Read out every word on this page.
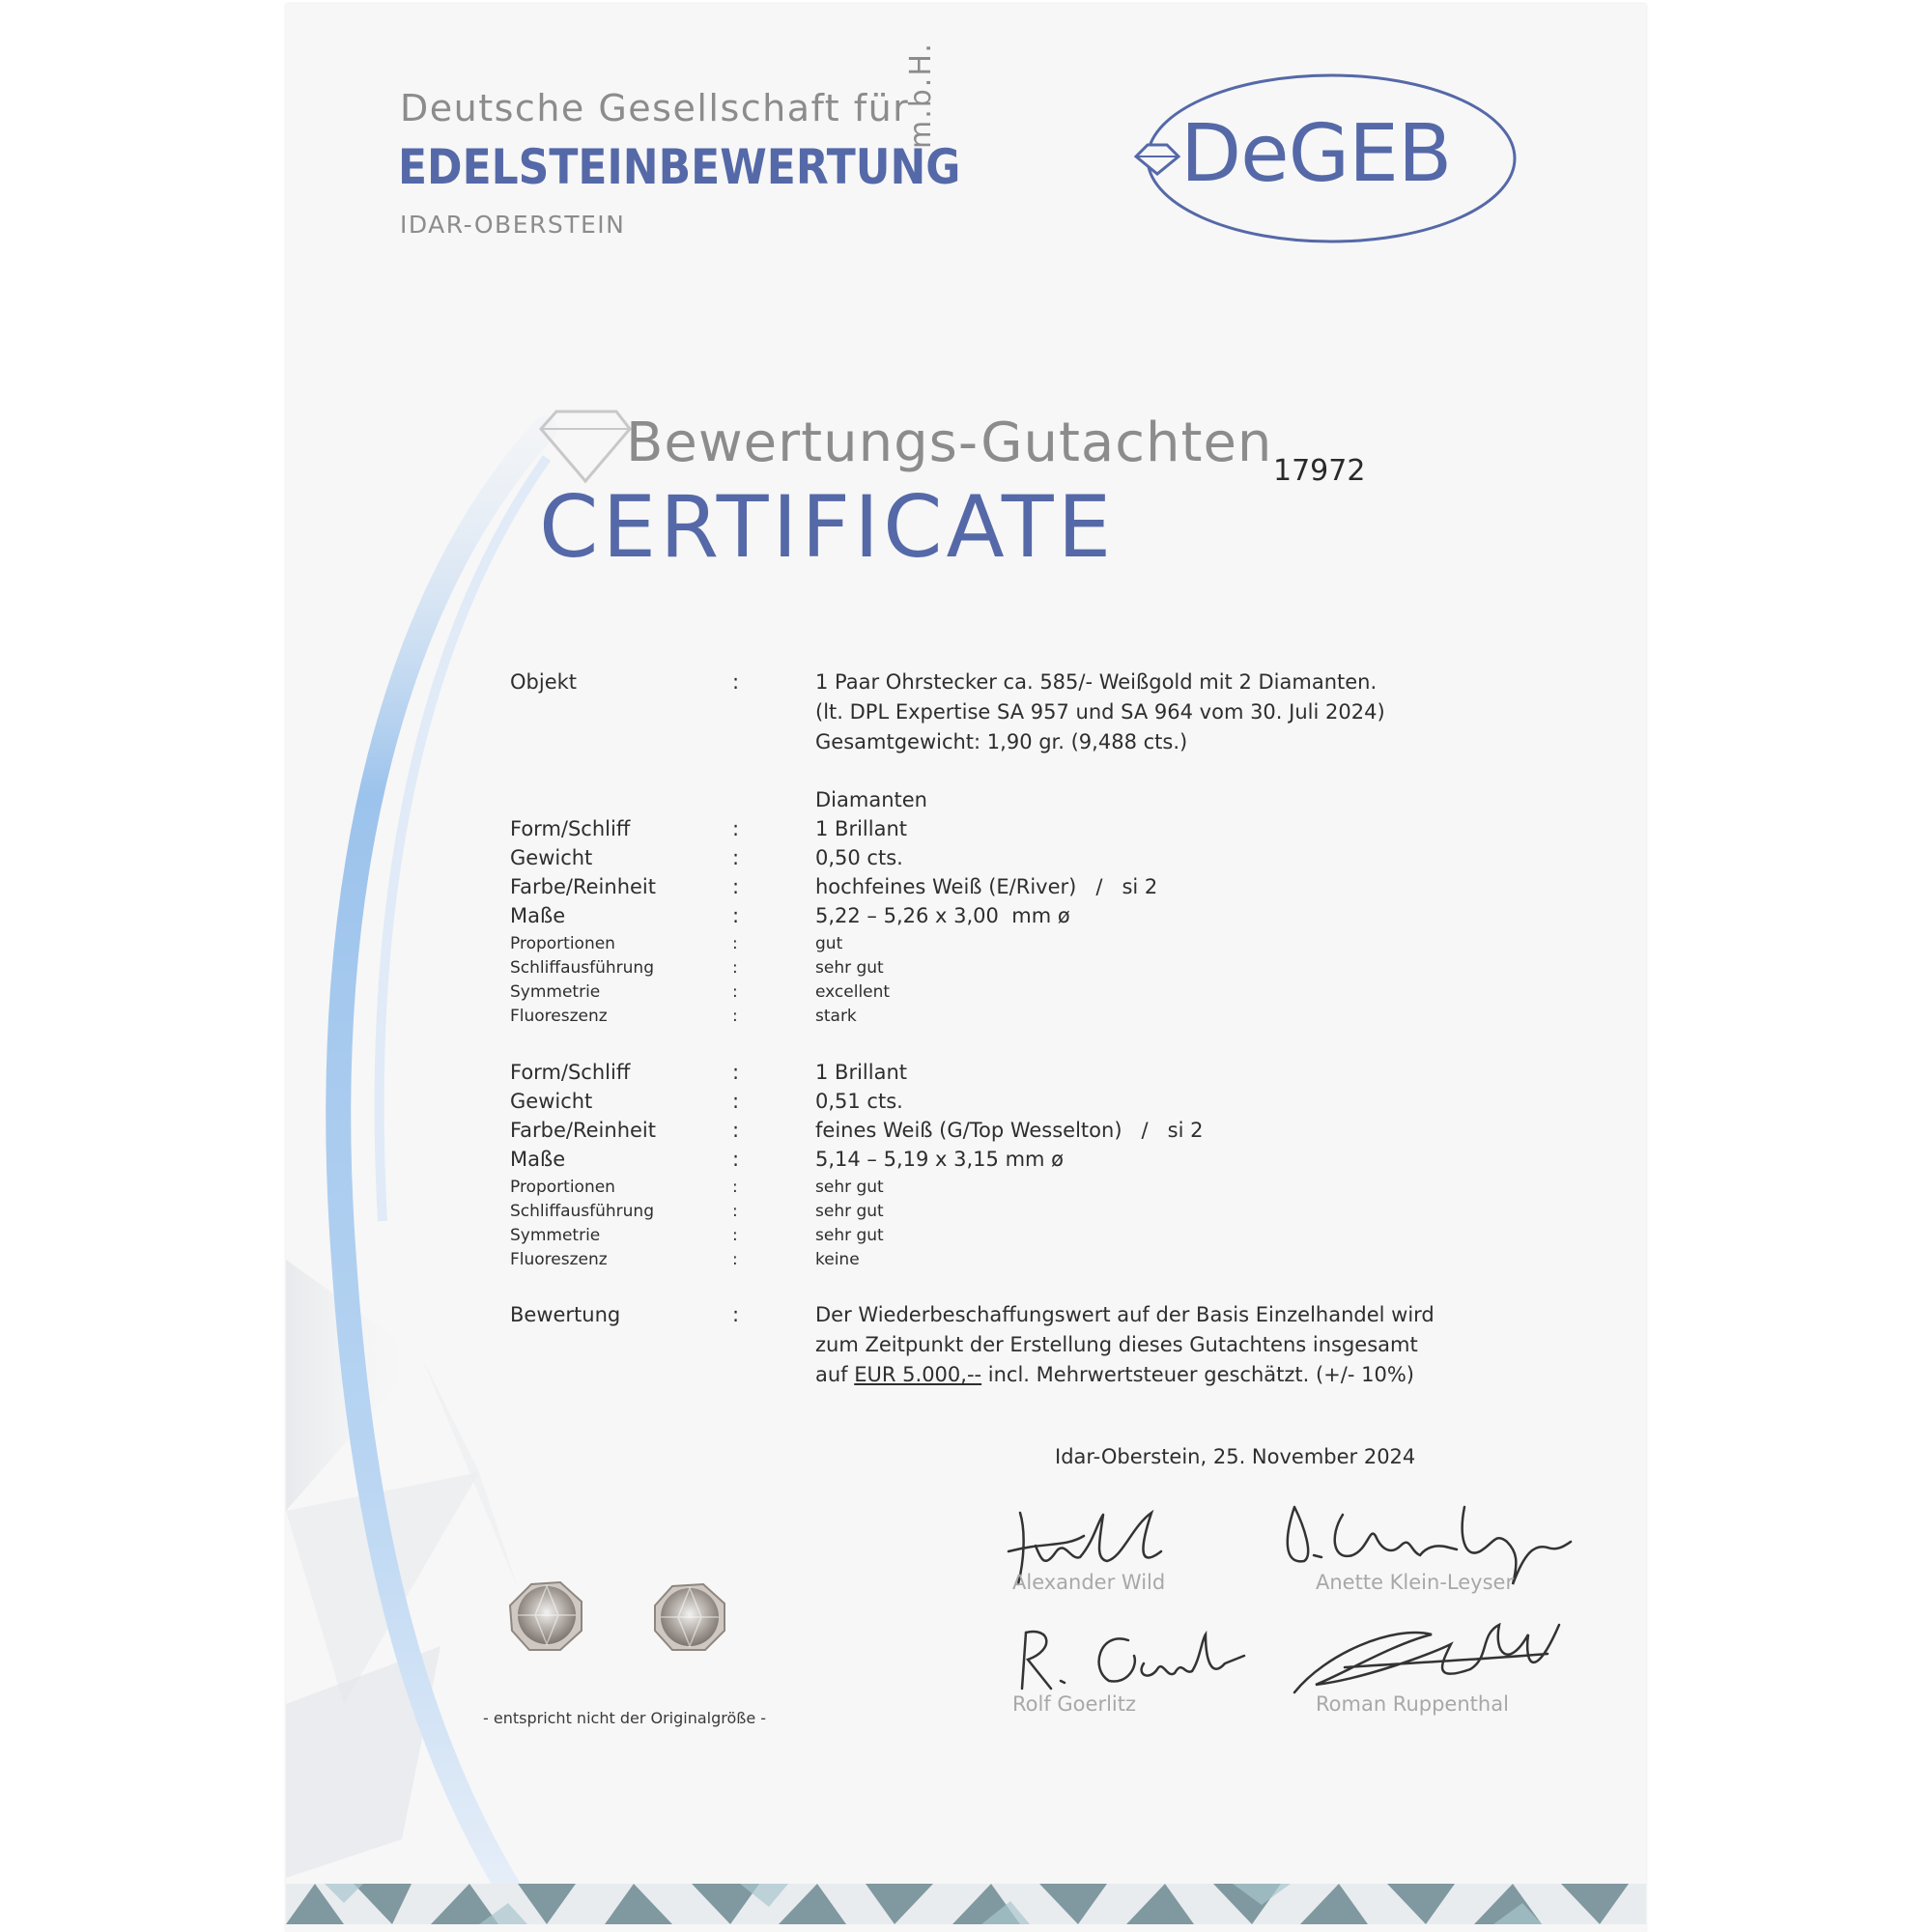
Deutsche Gesellschaft für
EDELSTEINBEWERTUNG
m.b.H.
IDAR-OBERSTEIN
DeGEB
Bewertungs-Gutachten
CERTIFICATE
17972
Objekt	:	1 Paar Ohrstecker ca. 585/- Weißgold mit 2 Diamanten.
(lt. DPL Expertise SA 957 und SA 964 vom 30. Juli 2024)
Gesamtgewicht: 1,90 gr. (9,488 cts.)
Diamanten
Form/Schliff	:	1 Brillant
Gewicht	:	0,50 cts.
Farbe/Reinheit	:	hochfeines Weiß (E/River)   /   si 2
Maße	:	5,22 – 5,26 x 3,00  mm ø
Proportionen	:	gut
Schliffausführung	:	sehr gut
Symmetrie	:	excellent
Fluoreszenz	:	stark
Form/Schliff	:	1 Brillant
Gewicht	:	0,51 cts.
Farbe/Reinheit	:	feines Weiß (G/Top Wesselton)   /   si 2
Maße	:	5,14 – 5,19 x 3,15 mm ø
Proportionen	:	sehr gut
Schliffausführung	:	sehr gut
Symmetrie	:	sehr gut
Fluoreszenz	:	keine
Bewertung	:	Der Wiederbeschaffungswert auf der Basis Einzelhandel wird
zum Zeitpunkt der Erstellung dieses Gutachtens insgesamt
auf EUR 5.000,-- incl. Mehrwertsteuer geschätzt. (+/- 10%)
Idar-Oberstein, 25. November 2024
Alexander Wild	Anette Klein-Leyser
Rolf Goerlitz	Roman Ruppenthal
- entspricht nicht der Originalgröße -
